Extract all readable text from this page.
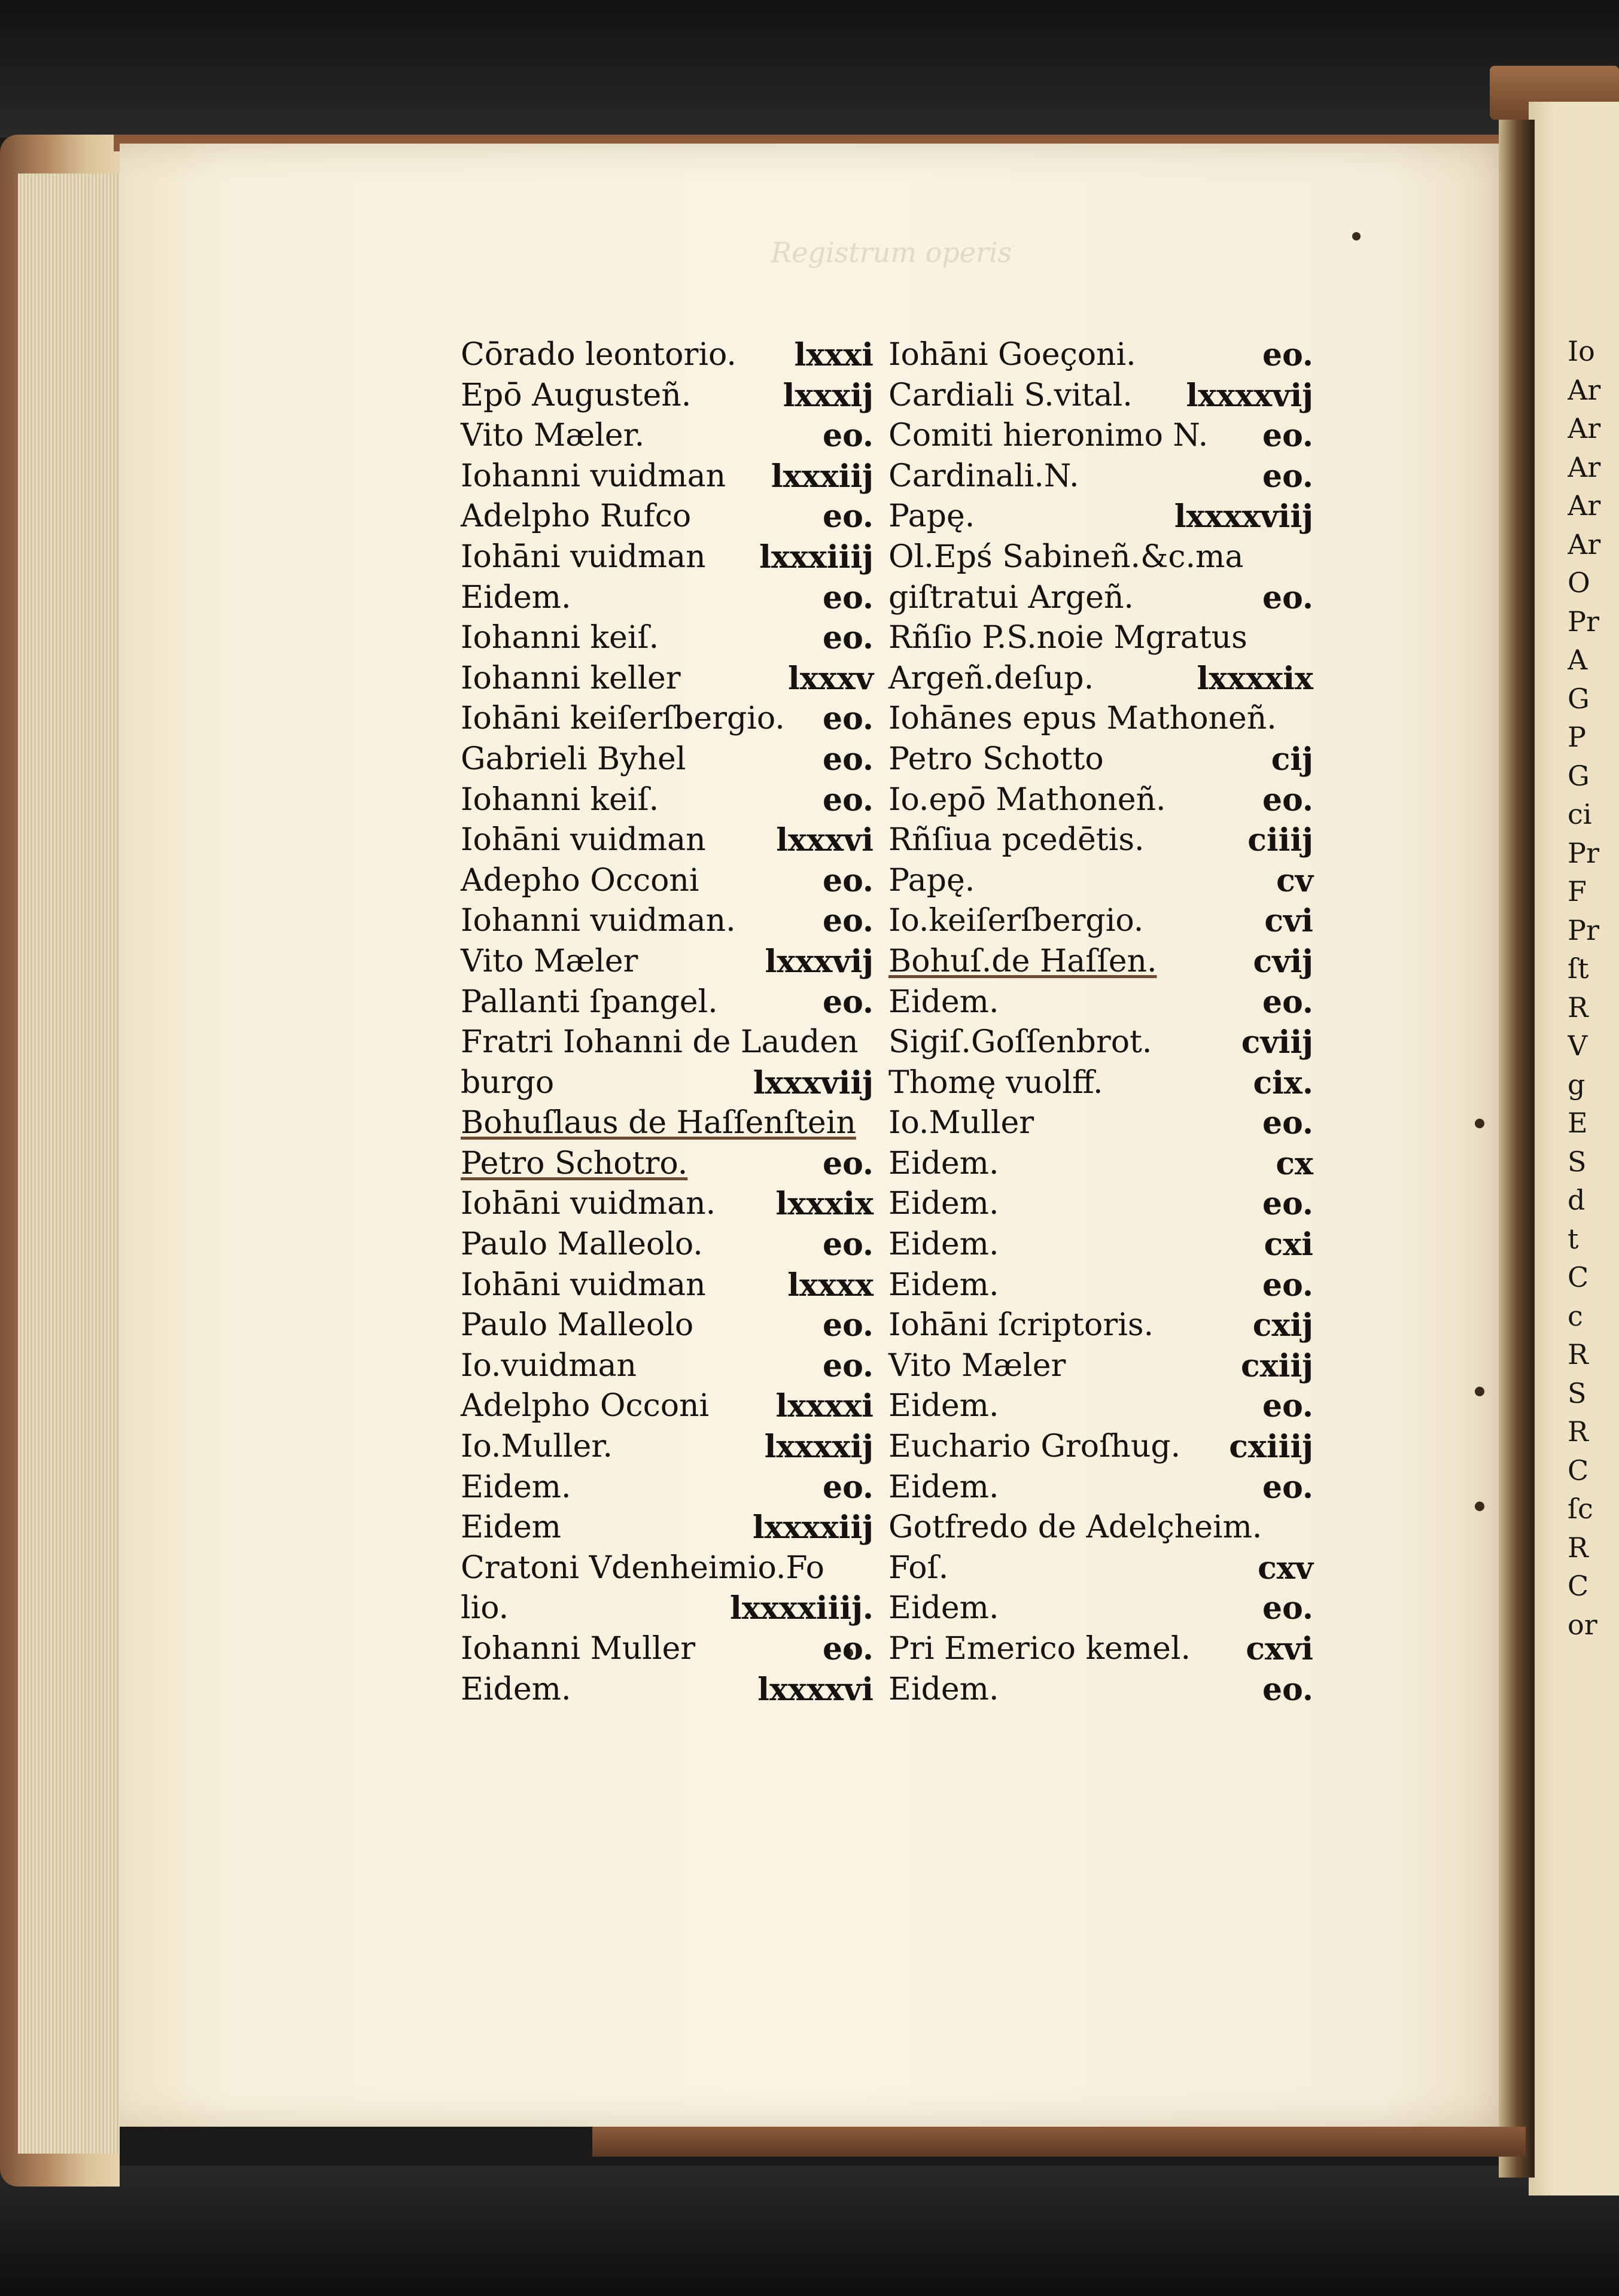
Registrum operis
Cōrado leontorio. lxxxi
Epō Augusteñ.	lxxxij
Vito Mæler.	eo.
Iohanni vuidman lxxxiij
Adelpho Rufco	eo.
Iohāni vuidman lxxxiiij
Eidem.	eo.
Iohanni keiſ.	eo.
Iohanni keller	lxxxv
Iohāni keiſerſbergio. eo.
Gabrieli Byhel	eo.
Iohanni keiſ.	eo.
Iohāni vuidman lxxxvi
Adepho Occoni	eo.
Iohanni vuidman.	eo.
Vito Mæler	lxxxvij
Pallanti ſpangel.	eo.
Fratri Iohanni de Lauden
burgo	lxxxviij
Bohuſlaus de Haſſenſtein
Petro Schotro.	eo.
Iohāni vuidman. lxxxix
Paulo Malleolo.	eo.
Iohāni vuidman	lxxxx
Paulo Malleolo	eo.
Io.vuidman	eo.
Adelpho Occoni lxxxxi
Io.Muller.	lxxxxij
Eidem.	eo.
Eidem	lxxxxiij
Cratoni Vdenheimio.Fo
lio.	lxxxxiiij.
Iohanni Muller	eo.
Eidem.	lxxxxvi
Iohāni Goeçoni.	eo.
Cardiali S.vital. lxxxxvij
Comiti hieronimo N. eo.
Cardinali.N.	eo.
Papę.	lxxxxviij
Ol.Epś Sabineñ.&c.ma
giſtratui Argeñ.	eo.
Rñſio P.S.noie Mgratus
Argeñ.deſup.	lxxxxix
Iohānes epus Mathoneñ.
Petro Schotto	cij
Io.epō Mathoneñ.	eo.
Rñſiua pcedētis.	ciiij
Papę.	cv
Io.keiſerſbergio.	cvi
Bohuſ.de Haſſen.	cvij
Eidem.	eo.
Sigiſ.Goſſenbrot.	cviij
Thomę vuolff.	cix.
Io.Muller	eo.
Eidem.	cx
Eidem.	eo.
Eidem.	cxi
Eidem.	eo.
Iohāni ſcriptoris.	cxij
Vito Mæler	cxiij
Eidem.	eo.
Euchario Groſhug. cxiiij
Eidem.	eo.
Gotfredo de Adelçheim.
Foſ.	cxv
Eidem.	eo.
Pri Emerico kemel. cxvi
Eidem.	eo.
Io
Ar
Ar
Ar
Ar
Ar
O
Pr
A
G
P
G
ci
Pr
F
Pr
ſt
R
V
g
E
S
d
t
C
c
R
S
R
C
ſc
R
C
or
